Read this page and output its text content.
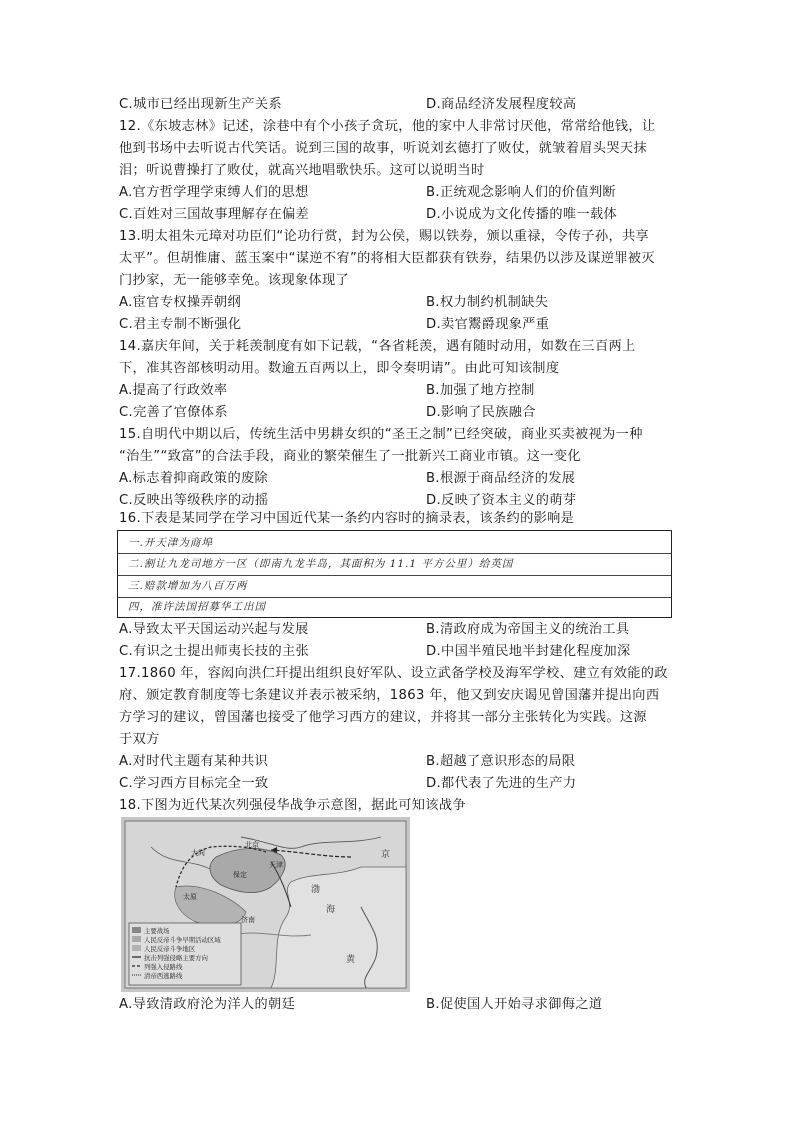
C.城市已经出现新生产关系	D.商品经济发展程度较高
12.《东坡志林》记述，涂巷中有个小孩子贪玩，他的家中人非常讨厌他，常常给他钱，让
他到书场中去听说古代笑话。说到三国的故事，听说刘玄德打了败仗，就皱着眉头哭天抹
泪；听说曹操打了败仗，就高兴地唱歌快乐。这可以说明当时
A.官方哲学理学束缚人们的思想	B.正统观念影响人们的价值判断
C.百姓对三国故事理解存在偏差	D.小说成为文化传播的唯一载体
13.明太祖朱元璋对功臣们“论功行赏，封为公侯，赐以铁券，颁以重禄，令传子孙，共享
太平”。但胡惟庸、蓝玉案中“谋逆不宥”的将相大臣都获有铁券，结果仍以涉及谋逆罪被灭
门抄家，无一能够幸免。该现象体现了
A.宦官专权操弄朝纲	B.权力制约机制缺失
C.君主专制不断强化	D.卖官鬻爵现象严重
14.嘉庆年间，关于耗羡制度有如下记载，“各省耗羡，遇有随时动用，如数在三百两上
下，准其咨部核明动用。数逾五百两以上，即令奏明请”。由此可知该制度
A.提高了行政效率	B.加强了地方控制
C.完善了官僚体系	D.影响了民族融合
15.自明代中期以后，传统生活中男耕女织的“圣王之制”已经突破，商业买卖被视为一种
“治生”“致富”的合法手段，商业的繁荣催生了一批新兴工商业市镇。这一变化
A.标志着抑商政策的废除	B.根源于商品经济的发展
C.反映出等级秩序的动摇	D.反映了资本主义的萌芽
16.下表是某同学在学习中国近代某一条约内容时的摘录表，该条约的影响是
一.开天津为商埠
二.割让九龙司地方一区（即南九龙半岛，其面积为 11.1 平方公里）给英国
三.赔款增加为八百万两
四，准许法国招募华工出国
A.导致太平天国运动兴起与发展	B.清政府成为帝国主义的统治工具
C.有识之士提出师夷长技的主张	D.中国半殖民地半封建化程度加深
17.1860 年，容闳向洪仁玕提出组织良好军队、设立武备学校及海军学校、建立有效能的政
府、颁定教育制度等七条建议并表示被采纳，1863 年，他又到安庆谒见曾国藩并提出向西
方学习的建议，曾国藩也接受了他学习西方的建议，并将其一部分主张转化为实践。这源
于双方
A.对时代主题有某种共识	B.超越了意识形态的局限
C.学习西方目标完全一致	D.都代表了先进的生产力
18.下图为近代某次列强侵华战争示意图，据此可知该战争
北京
天津
保定
太原
大同
济南
渤
海
京
黄
主要战场
人民反帝斗争早期活动区域
人民反帝斗争地区
抗击列强侵略主要方向
列强入侵路线
清帝西逃路线
A.导致清政府沦为洋人的朝廷	B.促使国人开始寻求御侮之道
